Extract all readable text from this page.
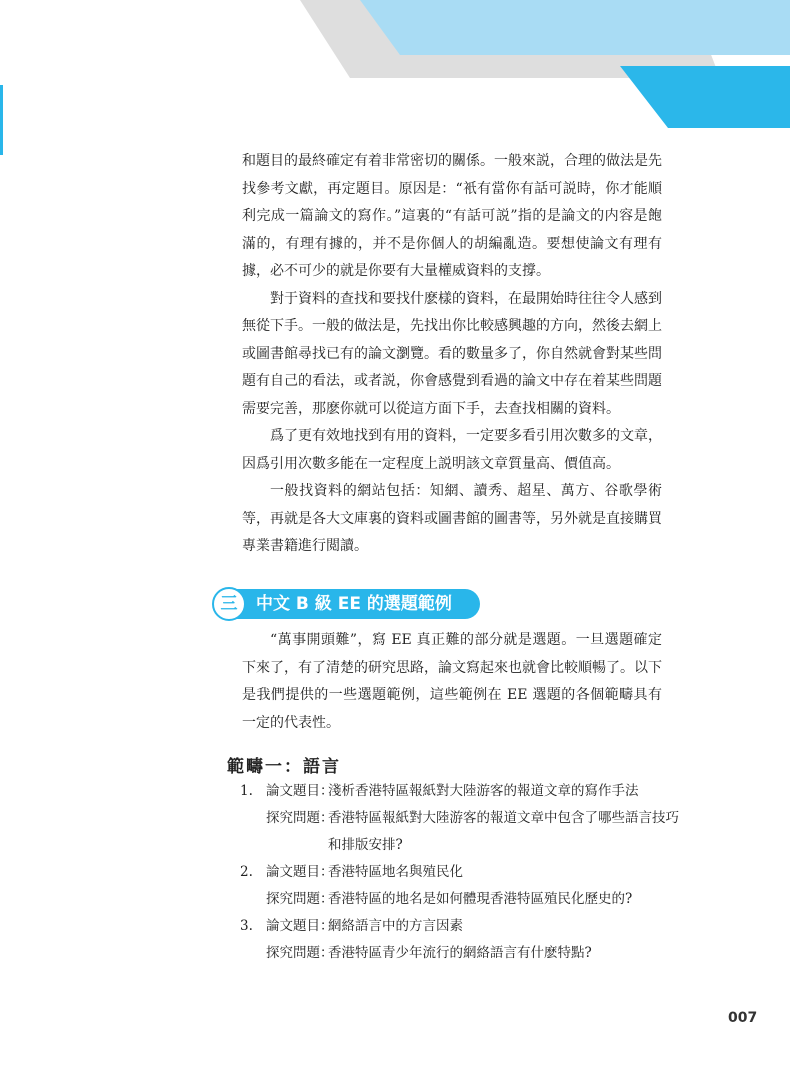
和題目的最終確定有着非常密切的關係。一般來説，合理的做法是先找參考文獻，再定題目。原因是：“衹有當你有話可説時，你才能順利完成一篇論文的寫作。”這裏的“有話可説”指的是論文的内容是飽滿的，有理有據的，并不是你個人的胡編亂造。要想使論文有理有據，必不可少的就是你要有大量權威資料的支撐。

對于資料的查找和要找什麽樣的資料，在最開始時往往令人感到無從下手。一般的做法是，先找出你比較感興趣的方向，然後去網上或圖書館尋找已有的論文瀏覽。看的數量多了，你自然就會對某些問題有自己的看法，或者説，你會感覺到看過的論文中存在着某些問題需要完善，那麽你就可以從這方面下手，去查找相關的資料。

爲了更有效地找到有用的資料，一定要多看引用次數多的文章，因爲引用次數多能在一定程度上説明該文章質量高、價值高。

一般找資料的網站包括：知網、讀秀、超星、萬方、谷歌學術等，再就是各大文庫裏的資料或圖書館的圖書等，另外就是直接購買專業書籍進行閲讀。

三	中文 B 級 EE 的選題範例

“萬事開頭難”，寫 EE 真正難的部分就是選題。一旦選題確定下來了，有了清楚的研究思路，論文寫起來也就會比較順暢了。以下是我們提供的一些選題範例，這些範例在 EE 選題的各個範疇具有一定的代表性。

範疇一：語言
1. 論文題目：
淺析香港特區報紙對大陸游客的報道文章的寫作手法
探究問題：
香港特區報紙對大陸游客的報道文章中包含了哪些語言技巧和排版安排?
2. 論文題目：
香港特區地名與殖民化
探究問題：
香港特區的地名是如何體現香港特區殖民化歷史的?
3. 論文題目：
網絡語言中的方言因素
探究問題：
香港特區青少年流行的網絡語言有什麽特點?
007
